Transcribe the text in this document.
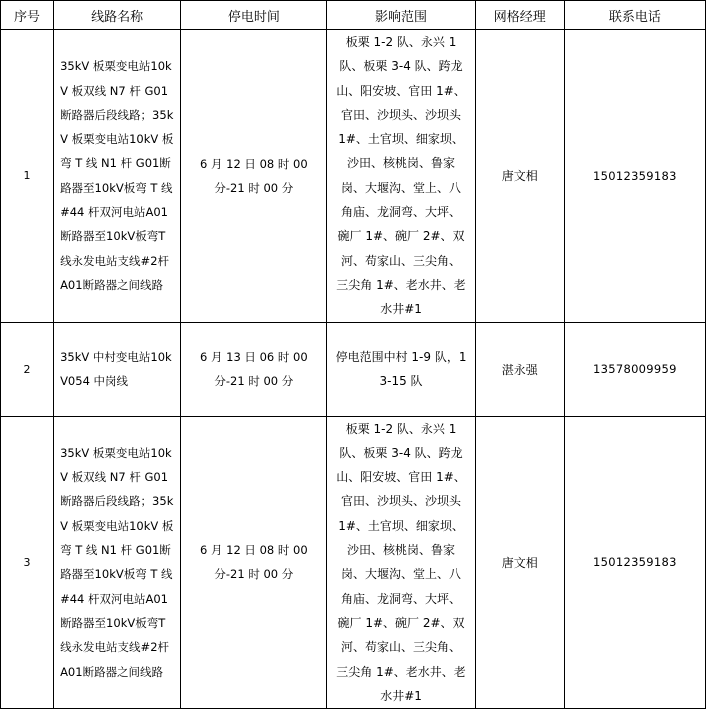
序号	线路名称	停电时间	影响范围	网格经理	联系电话
1	35kV 板栗变电站10kV 板双线 N7 杆 G01 断路器后段线路；35kV 板栗变电站10kV 板弯 T 线 N1 杆 G01断路器至10kV板弯 T 线#44 杆双河电站A01断路器至10kV板弯T线永发电站支线#2杆 A01断路器之间线路	6 月 12 日 08 时 00 分-21 时 00 分	板栗 1-2 队、永兴 1 队、板栗 3-4 队、跨龙山、阳安坡、官田 1#、官田、沙坝头、沙坝头 1#、土官坝、细家坝、沙田、核桃岗、鲁家岗、大堰沟、堂上、八角庙、龙洞弯、大坪、碗厂 1#、碗厂 2#、双河、苟家山、三尖角、三尖角 1#、老水井、老水井#1	唐文相	15012359183
2	35kV 中村变电站10kV054 中岗线	6 月 13 日 06 时 00 分-21 时 00 分	停电范围中村 1-9 队，13-15 队	湛永强	13578009959
3	35kV 板栗变电站10kV 板双线 N7 杆 G01 断路器后段线路；35kV 板栗变电站10kV 板弯 T 线 N1 杆 G01断路器至10kV板弯 T 线#44 杆双河电站A01断路器至10kV板弯T线永发电站支线#2杆 A01断路器之间线路	6 月 12 日 08 时 00 分-21 时 00 分	板栗 1-2 队、永兴 1 队、板栗 3-4 队、跨龙山、阳安坡、官田 1#、官田、沙坝头、沙坝头 1#、土官坝、细家坝、沙田、核桃岗、鲁家岗、大堰沟、堂上、八角庙、龙洞弯、大坪、碗厂 1#、碗厂 2#、双河、苟家山、三尖角、三尖角 1#、老水井、老水井#1	唐文相	15012359183
